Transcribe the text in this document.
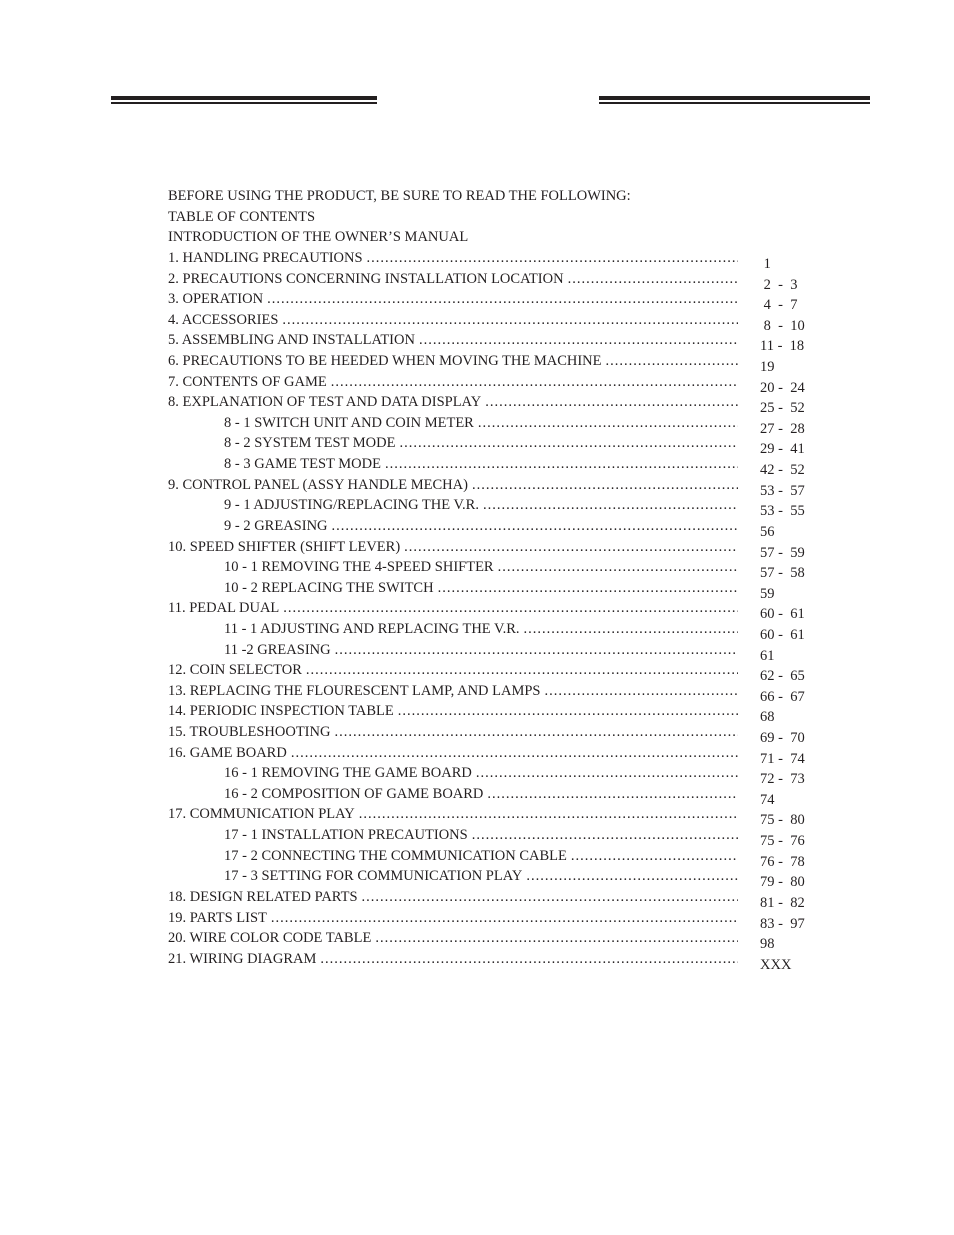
BEFORE USING THE PRODUCT, BE SURE TO READ THE FOLLOWING:
TABLE OF CONTENTS
INTRODUCTION OF THE OWNER’S MANUAL
1. HANDLING PRECAUTIONS .....	1
2. PRECAUTIONS CONCERNING INSTALLATION LOCATION .....	2  -  3
3. OPERATION .....	4  -  7
4. ACCESSORIES .....	8  -  10
5. ASSEMBLING AND INSTALLATION .....	11 -  18
6. PRECAUTIONS TO BE HEEDED WHEN MOVING THE MACHINE .....	19
7. CONTENTS OF GAME .....	20 -  24
8. EXPLANATION OF TEST AND DATA DISPLAY .....	25 -  52
8 - 1 SWITCH UNIT AND COIN METER .....	27 -  28
8 - 2 SYSTEM TEST MODE .....	29 -  41
8 - 3 GAME TEST MODE .....	42 -  52
9. CONTROL PANEL (ASSY HANDLE MECHA) .....	53 -  57
9 - 1 ADJUSTING/REPLACING THE V.R. .....	53 -  55
9 - 2 GREASING .....	56
10. SPEED SHIFTER (SHIFT LEVER) .....	57 -  59
10 - 1 REMOVING THE 4-SPEED SHIFTER .....	57 -  58
10 - 2 REPLACING THE SWITCH .....	59
11. PEDAL DUAL .....	60 -  61
11 - 1 ADJUSTING AND REPLACING THE V.R. .....	60 -  61
11 -2 GREASING .....	61
12. COIN SELECTOR .....	62 -  65
13. REPLACING THE FLOURESCENT LAMP, AND LAMPS .....	66 -  67
14. PERIODIC INSPECTION TABLE .....	68
15. TROUBLESHOOTING .....	69 -  70
16. GAME BOARD .....	71 -  74
16 - 1 REMOVING THE GAME BOARD .....	72 -  73
16 - 2 COMPOSITION OF GAME BOARD .....	74
17. COMMUNICATION PLAY .....	75 -  80
17 - 1 INSTALLATION PRECAUTIONS .....	75 -  76
17 - 2 CONNECTING THE COMMUNICATION CABLE .....	76 -  78
17 - 3 SETTING FOR COMMUNICATION PLAY .....	79 -  80
18. DESIGN RELATED PARTS .....	81 -  82
19. PARTS LIST .....	83 -  97
20. WIRE COLOR CODE TABLE .....	98
21. WIRING DIAGRAM .....	XXX
